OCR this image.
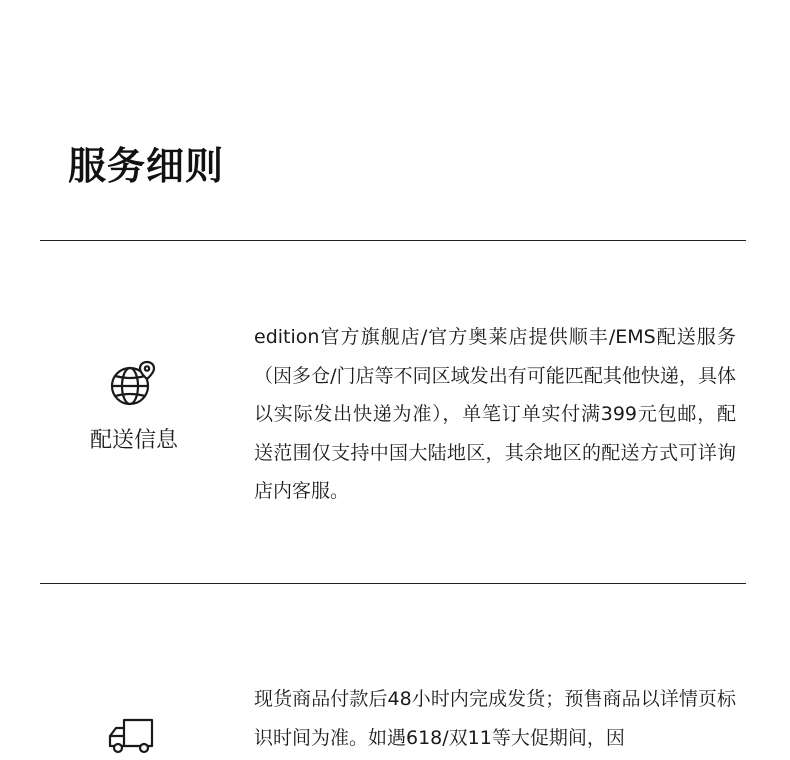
服务细则
配送信息
edition官方旗舰店/官方奥莱店提供顺丰/EMS配送服务（因多仓/门店等不同区域发出有可能匹配其他快递，具体以实际发出快递为准），单笔订单实付满399元包邮，配送范围仅支持中国大陆地区，其余地区的配送方式可详询店内客服。
现货商品付款后48小时内完成发货；预售商品以详情页标识时间为准。如遇618/双11等大促期间，因
